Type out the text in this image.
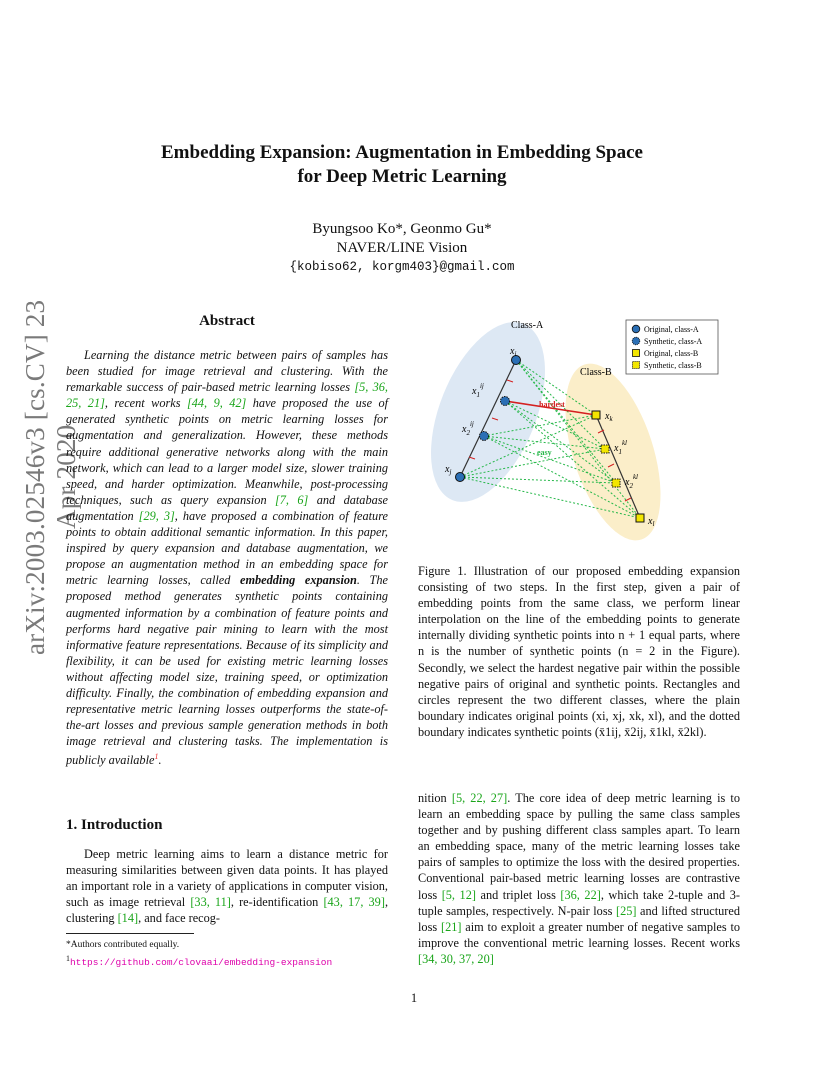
arXiv:2003.02546v3 [cs.CV] 23 Apr 2020
Embedding Expansion: Augmentation in Embedding Space
for Deep Metric Learning
Byungsoo Ko*, Geonmo Gu*
NAVER/LINE Vision
{kobiso62, korgm403}@gmail.com
Abstract

Learning the distance metric between pairs of samples has been studied for image retrieval and clustering. With the remarkable success of pair-based metric learning losses [5, 36, 25, 21], recent works [44, 9, 42] have proposed the use of generated synthetic points on metric learning losses for augmentation and generalization. However, these methods require additional generative networks along with the main network, which can lead to a larger model size, slower training speed, and harder optimization. Meanwhile, post-processing techniques, such as query expansion [7, 6] and database augmentation [29, 3], have proposed a combination of feature points to obtain additional semantic information. In this paper, inspired by query expansion and database augmentation, we propose an augmentation method in an embedding space for metric learning losses, called embedding expansion. The proposed method generates synthetic points containing augmented information by a combination of feature points and performs hard negative pair mining to learn with the most informative feature representations. Because of its simplicity and flexibility, it can be used for existing metric learning losses without affecting model size, training speed, or optimization difficulty. Finally, the combination of embedding expansion and representative metric learning losses outperforms the state-of-the-art losses and previous sample generation methods in both image retrieval and clustering tasks. The implementation is publicly available$^1$.

1. Introduction

Deep metric learning aims to learn a distance metric for measuring similarities between given data points. It has played an important role in a variety of applications in computer vision, such as image retrieval [33, 11], re-identification [43, 17, 39], clustering [14], and face recog-

*Authors contributed equally.
$^1$https://github.com/clovaai/embedding-expansion
Class-A
Class-B
hardest
easy
$x_i$
$x_1^{ij}$
$x_2^{ij}$
$x_j$
$x_k$
$x_1^{kl}$
$x_2^{kl}$
$x_l$
Original, class-A
Synthetic, class-A
Original, class-B
Synthetic, class-B
Figure 1. Illustration of our proposed embedding expansion consisting of two steps. In the first step, given a pair of embedding points from the same class, we perform linear interpolation on the line of the embedding points to generate internally dividing synthetic points into n + 1 equal parts, where n is the number of synthetic points (n = 2 in the Figure). Secondly, we select the hardest negative pair within the possible negative pairs of original and synthetic points. Rectangles and circles represent the two different classes, where the plain boundary indicates original points (xi, xj, xk, xl), and the dotted boundary indicates synthetic points (x̄1ij, x̄2ij, x̄1kl, x̄2kl).
nition [5, 22, 27]. The core idea of deep metric learning is to learn an embedding space by pulling the same class samples together and by pushing different class samples apart. To learn an embedding space, many of the metric learning losses take pairs of samples to optimize the loss with the desired properties. Conventional pair-based metric learning losses are contrastive loss [5, 12] and triplet loss [36, 22], which take 2-tuple and 3-tuple samples, respectively. N-pair loss [25] and lifted structured loss [21] aim to exploit a greater number of negative samples to improve the conventional metric learning losses. Recent works [34, 30, 37, 20]
1
